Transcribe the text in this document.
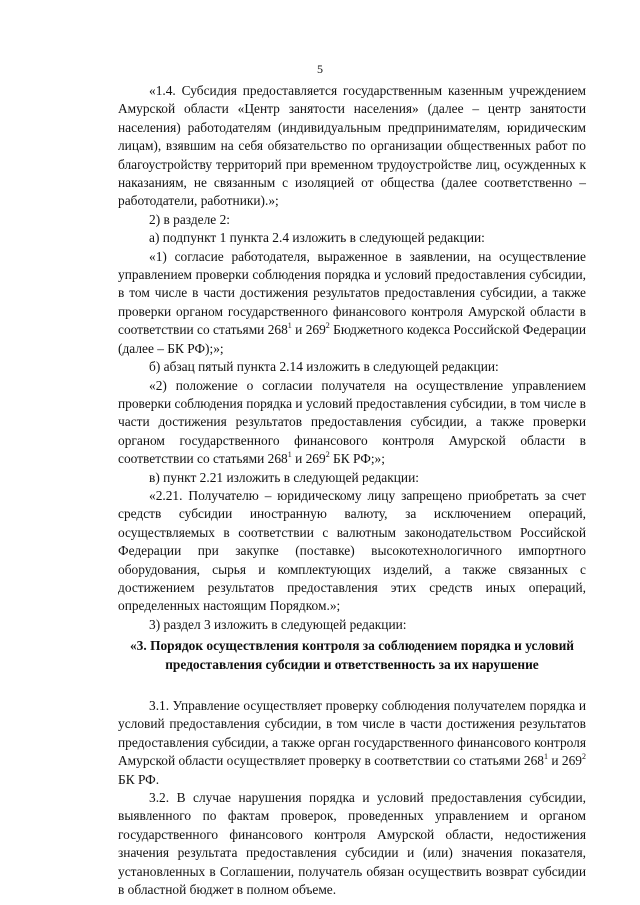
5

«1.4. Субсидия предоставляется государственным казенным учреждением Амурской области «Центр занятости населения» (далее – центр занятости населения) работодателям (индивидуальным предпринимателям, юридическим лицам), взявшим на себя обязательство по организации общественных работ по благоустройству территорий при временном трудоустройстве лиц, осужденных к наказаниям, не связанным с изоляцией от общества (далее соответственно – работодатели, работники).»;

2) в разделе 2:

а) подпункт 1 пункта 2.4 изложить в следующей редакции:

«1) согласие работодателя, выраженное в заявлении, на осуществление управлением проверки соблюдения порядка и условий предоставления субсидии, в том числе в части достижения результатов предоставления субсидии, а также проверки органом государственного финансового контроля Амурской области в соответствии со статьями $268^1$ и $269^2$ Бюджетного кодекса Российской Федерации (далее – БК РФ);»;

б) абзац пятый пункта 2.14 изложить в следующей редакции:

«2) положение о согласии получателя на осуществление управлением проверки соблюдения порядка и условий предоставления субсидии, в том числе в части достижения результатов предоставления субсидии, а также проверки органом государственного финансового контроля Амурской области в соответствии со статьями $268^1$ и $269^2$ БК РФ;»;

в) пункт 2.21 изложить в следующей редакции:

«2.21. Получателю – юридическому лицу запрещено приобретать за счет средств субсидии иностранную валюту, за исключением операций, осуществляемых в соответствии с валютным законодательством Российской Федерации при закупке (поставке) высокотехнологичного импортного оборудования, сырья и комплектующих изделий, а также связанных с достижением результатов предоставления этих средств иных операций, определенных настоящим Порядком.»;

3) раздел 3 изложить в следующей редакции:

«3. Порядок осуществления контроля за соблюдением порядка и условий предоставления субсидии и ответственность за их нарушение

3.1. Управление осуществляет проверку соблюдения получателем порядка и условий предоставления субсидии, в том числе в части достижения результатов предоставления субсидии, а также орган государственного финансового контроля Амурской области осуществляет проверку в соответствии со статьями $268^1$ и $269^2$ БК РФ.

3.2. В случае нарушения порядка и условий предоставления субсидии, выявленного по фактам проверок, проведенных управлением и органом государственного финансового контроля Амурской области, недостижения значения результата предоставления субсидии и (или) значения показателя, установленных в Соглашении, получатель обязан осуществить возврат субсидии в областной бюджет в полном объеме.
